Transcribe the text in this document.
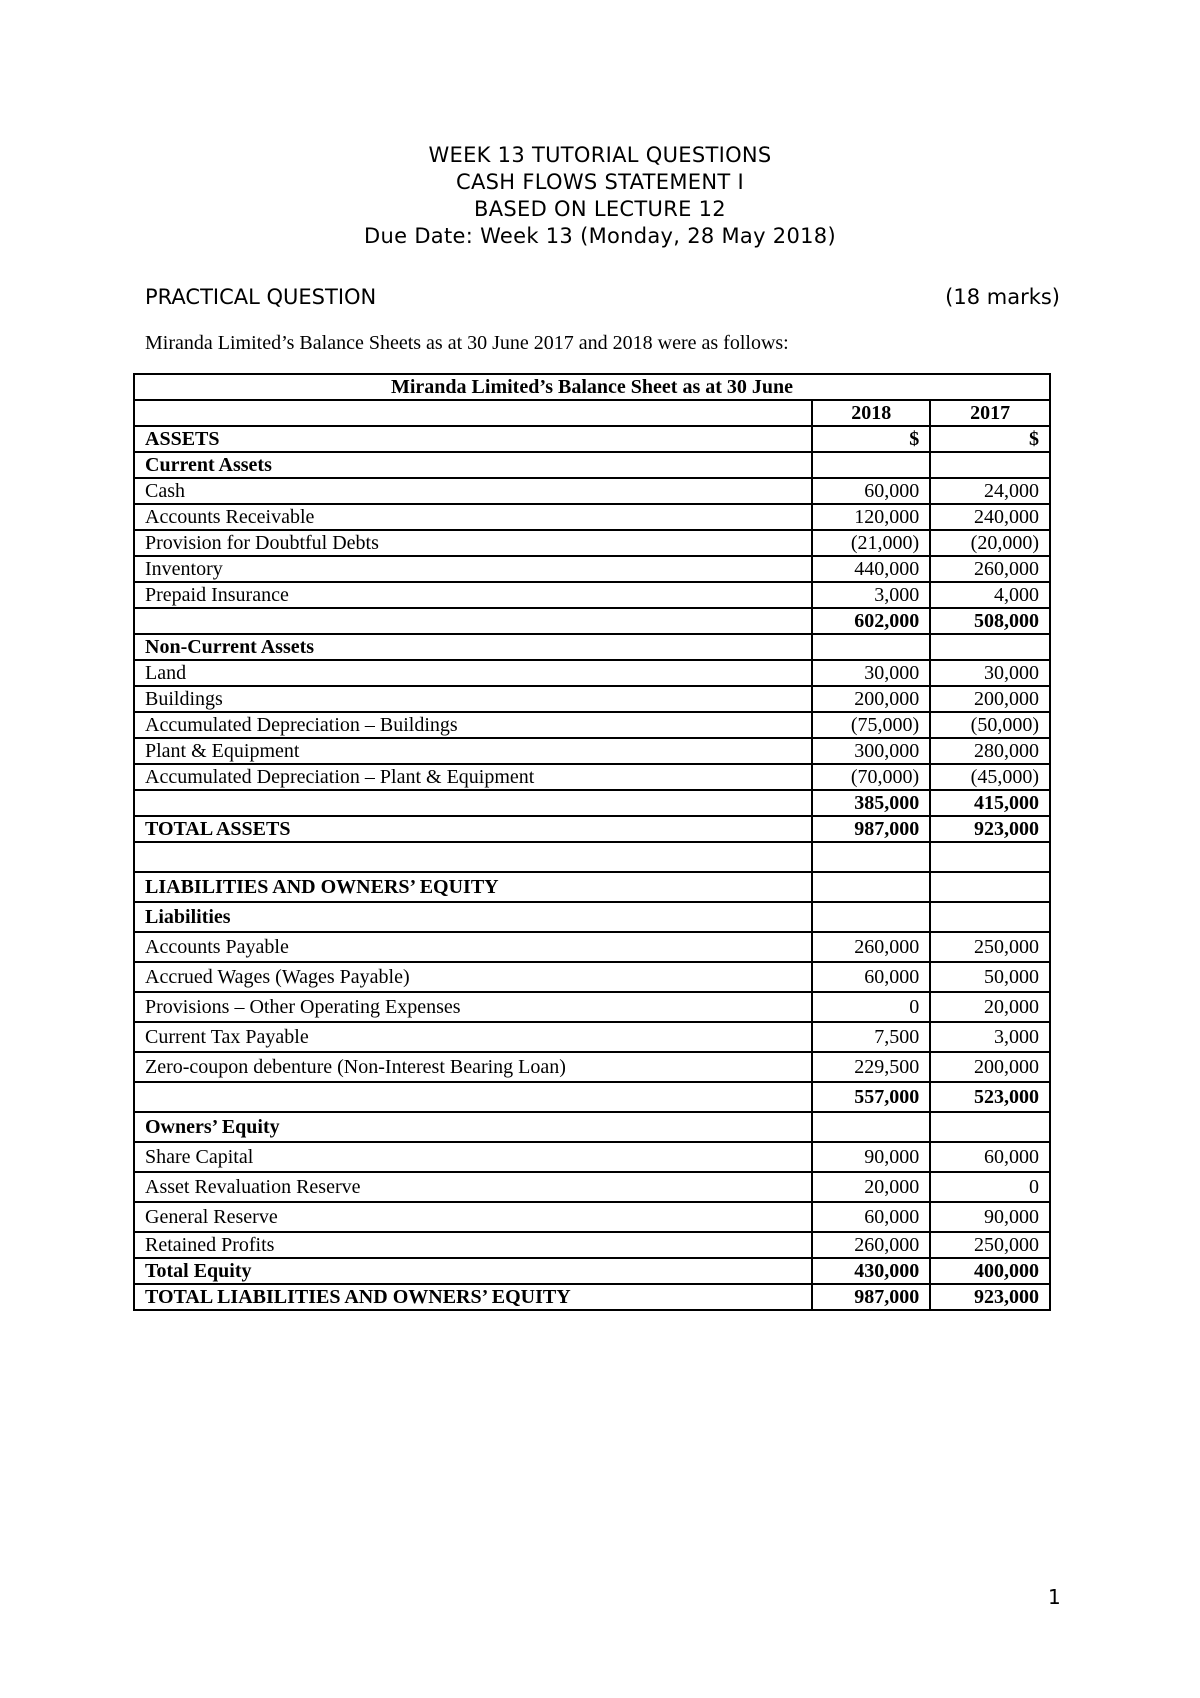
WEEK 13 TUTORIAL QUESTIONS
CASH FLOWS STATEMENT I
BASED ON LECTURE 12
Due Date: Week 13 (Monday, 28 May 2018)
PRACTICAL QUESTION	(18 marks)
Miranda Limited’s Balance Sheets as at 30 June 2017 and 2018 were as follows:
Miranda Limited’s Balance Sheet as at 30 June		
	2018	2017
ASSETS	$	$
Current Assets		
Cash	60,000	24,000
Accounts Receivable	120,000	240,000
Provision for Doubtful Debts	(21,000)	(20,000)
Inventory	440,000	260,000
Prepaid Insurance	3,000	4,000
	602,000	508,000
Non-Current Assets		
Land	30,000	30,000
Buildings	200,000	200,000
Accumulated Depreciation – Buildings	(75,000)	(50,000)
Plant & Equipment	300,000	280,000
Accumulated Depreciation – Plant & Equipment	(70,000)	(45,000)
	385,000	415,000
TOTAL ASSETS	987,000	923,000

LIABILITIES AND OWNERS’ EQUITY		
Liabilities		
Accounts Payable	260,000	250,000
Accrued Wages (Wages Payable)	60,000	50,000
Provisions – Other Operating Expenses	0	20,000
Current Tax Payable	7,500	3,000
Zero-coupon debenture (Non-Interest Bearing Loan)	229,500	200,000
	557,000	523,000
Owners’ Equity		
Share Capital	90,000	60,000
Asset Revaluation Reserve	20,000	0
General Reserve	60,000	90,000
Retained Profits	260,000	250,000
Total Equity	430,000	400,000
TOTAL LIABILITIES AND OWNERS’ EQUITY	987,000	923,000
1
